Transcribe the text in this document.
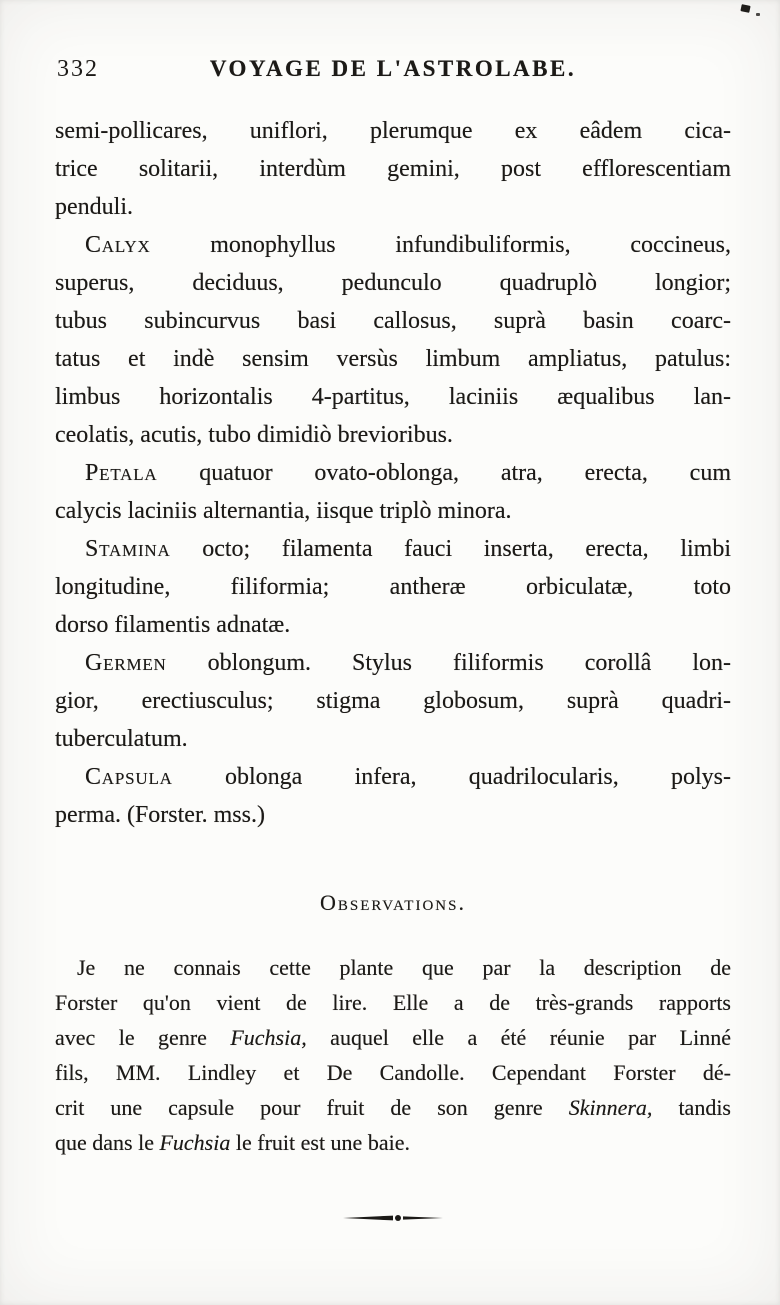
332	VOYAGE DE L'ASTROLABE.
semi-pollicares, uniflori, plerumque ex eâdem cica-
trice solitarii, interdùm gemini, post efflorescentiam
penduli.
Calyx monophyllus infundibuliformis, coccineus,
superus, deciduus, pedunculo quadruplò longior;
tubus subincurvus basi callosus, suprà basin coarc-
tatus et indè sensim versùs limbum ampliatus, patulus:
limbus horizontalis 4-partitus, laciniis æqualibus lan-
ceolatis, acutis, tubo dimidiò brevioribus.
Petala quatuor ovato-oblonga, atra, erecta, cum
calycis laciniis alternantia, iisque triplò minora.
Stamina octo; filamenta fauci inserta, erecta, limbi
longitudine, filiformia; antheræ orbiculatæ, toto
dorso filamentis adnatæ.
Germen oblongum. Stylus filiformis corollâ lon-
gior, erectiusculus; stigma globosum, suprà quadri-
tuberculatum.
Capsula oblonga infera, quadrilocularis, polys-
perma. (Forster. mss.)
Observations.
Je ne connais cette plante que par la description de
Forster qu'on vient de lire. Elle a de très-grands rapports
avec le genre Fuchsia, auquel elle a été réunie par Linné
fils, MM. Lindley et De Candolle. Cependant Forster dé-
crit une capsule pour fruit de son genre Skinnera, tandis
que dans le Fuchsia le fruit est une baie.
